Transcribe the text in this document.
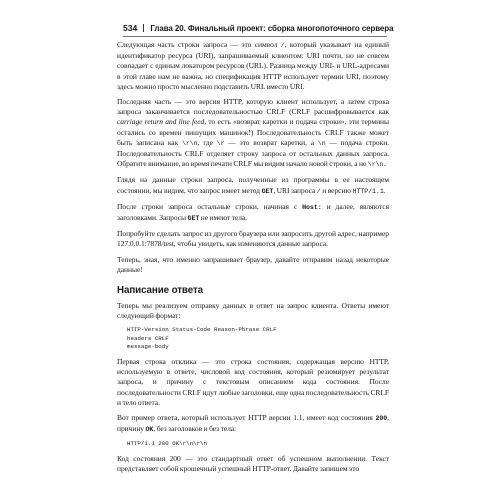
534 Глава 20. Финальный проект: сборка многопоточного сервера

Следующая часть строки запроса — это символ /, который указывает на единый идентификатор ресурса (URI), запрашиваемый клиентом: URI почти, но не совсем совпадает с единым локатором ресурсов (URL). Разница между URI- и URL-адресами в этой главе нам не важна, но спецификация HTTP использует термин URI, поэтому здесь можно просто мысленно подставить URL вместо URI.

Последняя часть — это версия HTTP, которую клиент использует, а затем строка запроса заканчивается последовательностью CRLF (CRLF расшифровывается как carriage return and line feed, то есть «возврат каретки и подача строки», эти термины остались со времен пишущих машинок!) Последовательность CRLF также может быть записана как \r\n, где \r — это возврат каретки, а \n — подача строки. Последовательность CRLF отделяет строку запроса от остальных данных запроса. Обратите внимание, во время печати CRLF мы видим начало новой строки, а не \r\n.

Глядя на данные строки запроса, полученные из программы в ее настоящем состоянии, мы видим, что запрос имеет метод GET, URI запроса / и версию HTTP/1.1.

После строки запроса остальные строки, начиная с Host: и далее, являются заголовками. Запросы GET не имеют тела.

Попробуйте сделать запрос из другого браузера или запросить другой адрес, например 127.0.0.1:7878/test, чтобы увидеть, как изменяются данные запроса.

Теперь, зная, что именно запрашивает браузер, давайте отправим назад некоторые данные!

Написание ответа

Теперь мы реализуем отправку данных в ответ на запрос клиента. Ответы имеют следующий формат:

HTTP-Version Status-Code Reason-Phrase CRLF
headers CRLF
message-body

Первая строка отклика — это строка состояния, содержащая версию HTTP, используемую в ответе, числовой код состояния, который резюмирует результат запроса, и причину с текстовым описанием кода состояния. После последовательности CRLF идут любые заголовки, еще одна последовательность CRLF и тело ответа.

Вот пример ответа, который использует HTTP версии 1.1, имеет код состояния 200, причину OK, без заголовков и без тела:

HTTP/1.1 200 OK\r\n\r\n

Код состояния 200 — это стандартный ответ об успешном выполнении. Текст представляет собой крошечный успешный HTTP-ответ. Давайте запишем это
